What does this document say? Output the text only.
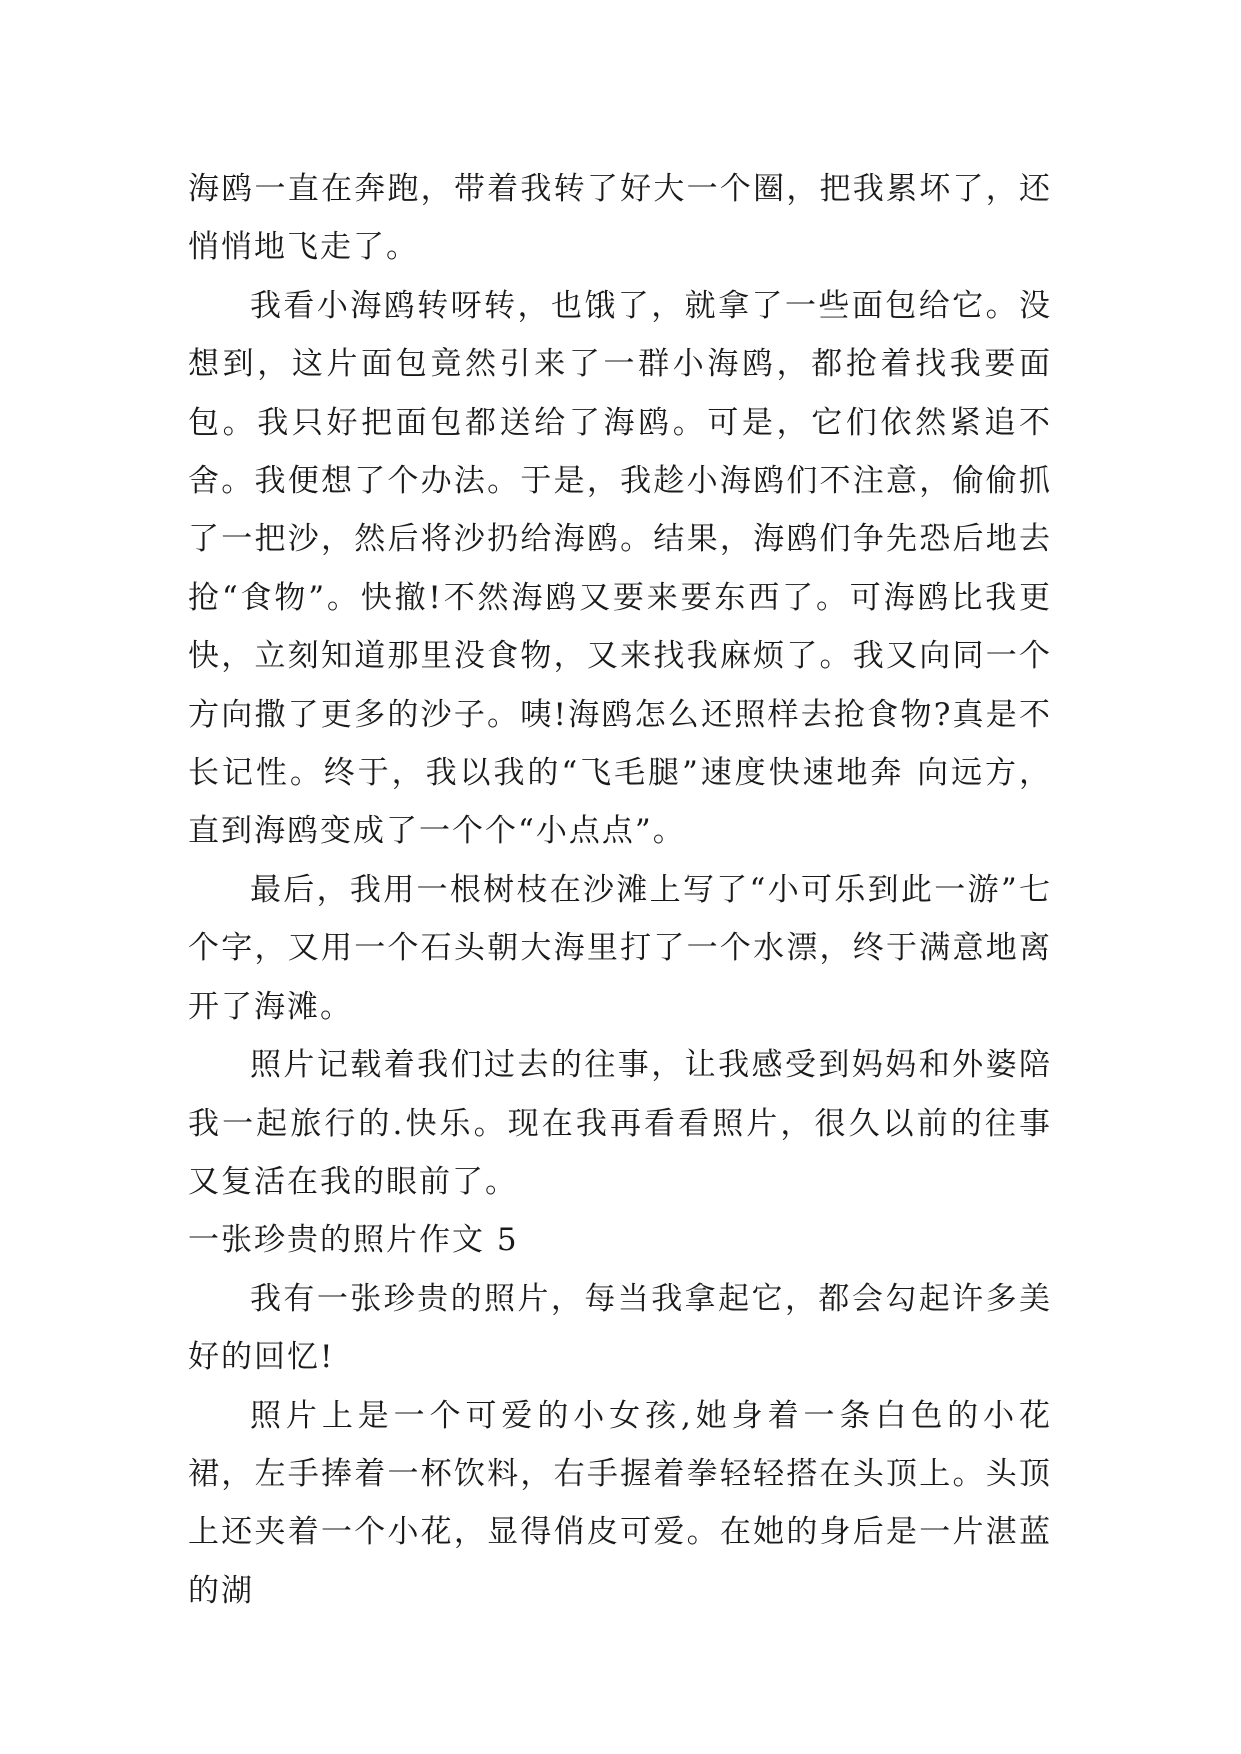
海鸥一直在奔跑，带着我转了好大一个圈，把我累坏了，还悄悄地飞走了。

我看小海鸥转呀转，也饿了，就拿了一些面包给它。没想到，这片面包竟然引来了一群小海鸥，都抢着找我要面包。我只好把面包都送给了海鸥。可是，它们依然紧追不舍。我便想了个办法。于是，我趁小海鸥们不注意，偷偷抓了一把沙，然后将沙扔给海鸥。结果，海鸥们争先恐后地去抢“食物”。快撤!不然海鸥又要来要东西了。可海鸥比我更快，立刻知道那里没食物，又来找我麻烦了。我又向同一个方向撒了更多的沙子。咦!海鸥怎么还照样去抢食物?真是不长记性。终于，我以我的“飞毛腿”速度快速地奔 向远方，直到海鸥变成了一个个“小点点”。

最后，我用一根树枝在沙滩上写了“小可乐到此一游”七个字，又用一个石头朝大海里打了一个水漂，终于满意地离开了海滩。

照片记载着我们过去的往事，让我感受到妈妈和外婆陪我一起旅行的.快乐。现在我再看看照片，很久以前的往事又复活在我的眼前了。

一张珍贵的照片作文 5

我有一张珍贵的照片，每当我拿起它，都会勾起许多美好的回忆!

照片上是一个可爱的小女孩,她身着一条白色的小花裙，左手捧着一杯饮料，右手握着拳轻轻搭在头顶上。头顶上还夹着一个小花，显得俏皮可爱。在她的身后是一片湛蓝的湖
